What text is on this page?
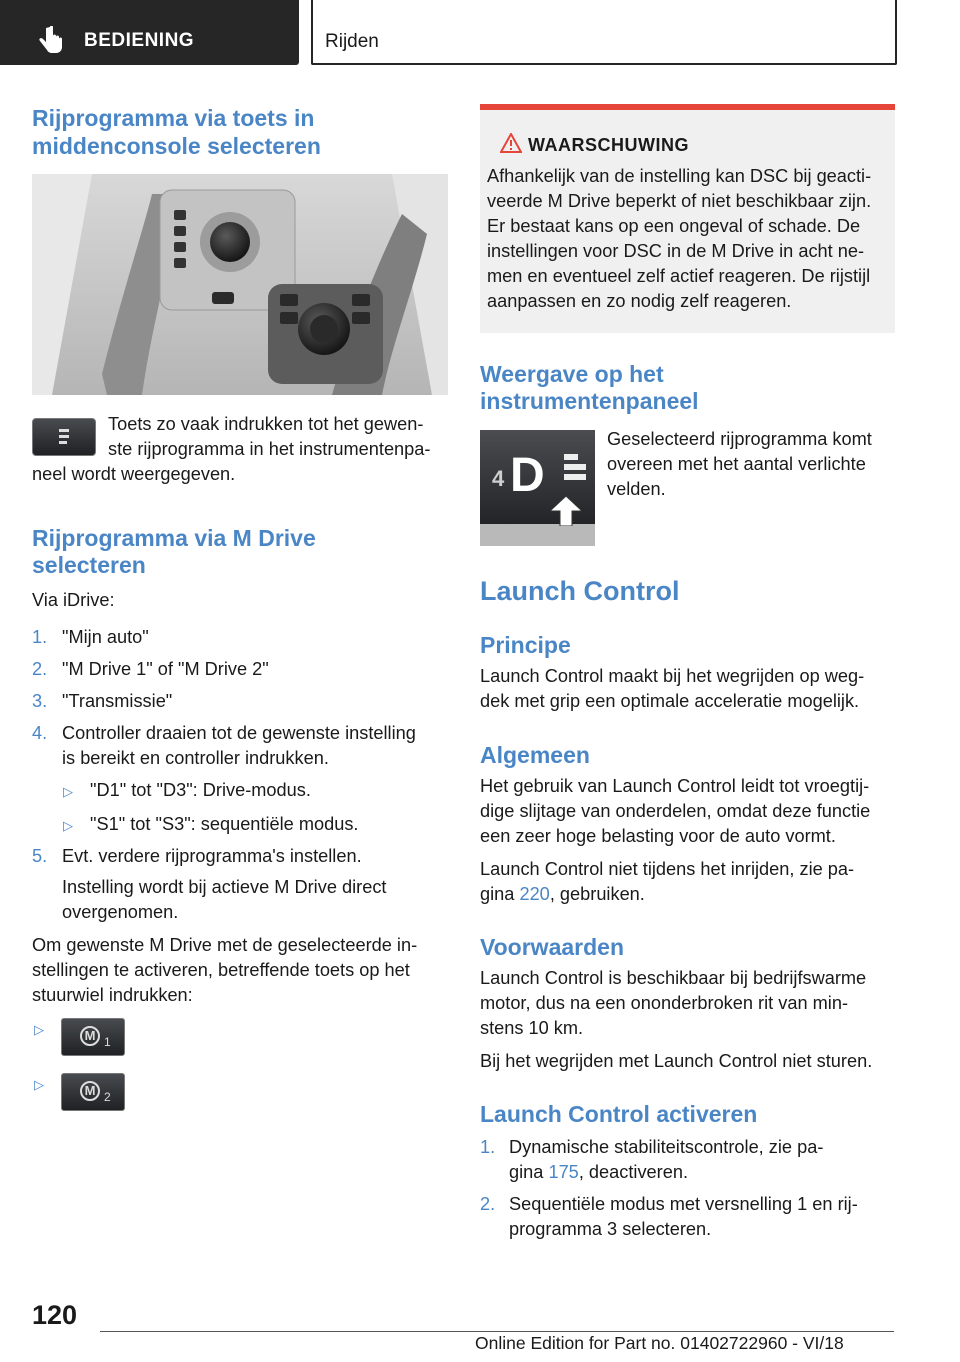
BEDIENING	Rijden
Rijprogramma via toets in middenconsole selecteren
Toets zo vaak indrukken tot het gewen‐
ste rijprogramma in het instrumentenpa‐
neel wordt weergegeven.
Rijprogramma via M Drive
selecteren
Via iDrive:
1. "Mijn auto"
2. "M Drive 1" of "M Drive 2"
3. "Transmissie"
4. Controller draaien tot de gewenste instelling
is bereikt en controller indrukken.
▷ "D1" tot "D3": Drive-modus.
▷ "S1" tot "S3": sequentiële modus.
5. Evt. verdere rijprogramma's instellen.
Instelling wordt bij actieve M Drive direct
overgenomen.
Om gewenste M Drive met de geselecteerde in‐
stellingen te activeren, betreffende toets op het
stuurwiel indrukken:
▷	M 1
▷	M 2
WAARSCHUWING
Afhankelijk van de instelling kan DSC bij geacti‐
veerde M Drive beperkt of niet beschikbaar zijn.
Er bestaat kans op een ongeval of schade. De
instellingen voor DSC in de M Drive in acht ne‐
men en eventueel zelf actief reageren. De rijstijl
aanpassen en zo nodig zelf reageren.
Weergave op het
instrumentenpaneel
4 D
Geselecteerd rijprogramma komt
overeen met het aantal verlichte
velden.
Launch Control
Principe
Launch Control maakt bij het wegrijden op weg‐
dek met grip een optimale acceleratie mogelijk.
Algemeen
Het gebruik van Launch Control leidt tot vroegtij‐
dige slijtage van onderdelen, omdat deze functie
een zeer hoge belasting voor de auto vormt.
Launch Control niet tijdens het inrijden, zie pa‐
gina 220, gebruiken.
Voorwaarden
Launch Control is beschikbaar bij bedrijfswarme
motor, dus na een ononderbroken rit van min‐
stens 10 km.
Bij het wegrijden met Launch Control niet sturen.
Launch Control activeren
1. Dynamische stabiliteitscontrole, zie pa‐
gina 175, deactiveren.
2. Sequentiële modus met versnelling 1 en rij‐
programma 3 selecteren.
120
Online Edition for Part no. 01402722960 - VI/18
